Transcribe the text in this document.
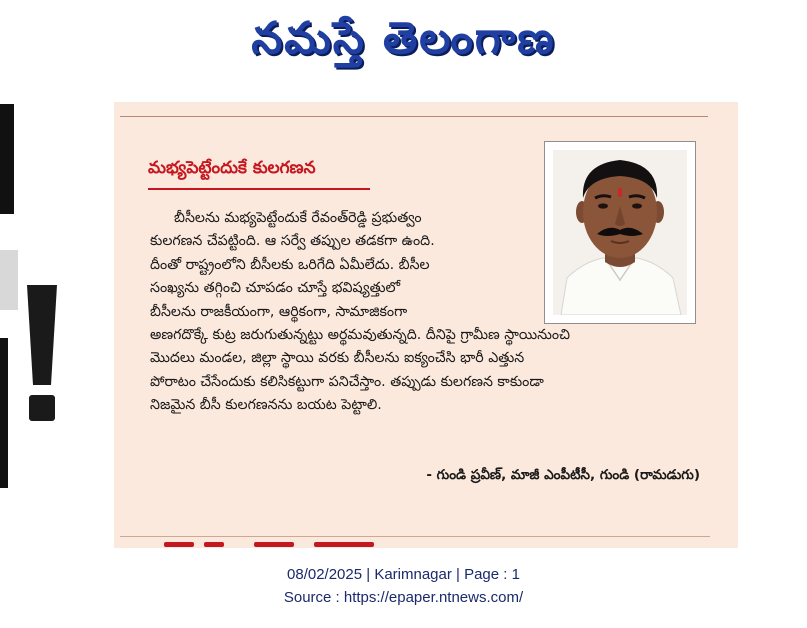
నమస్తే తెలంగాణ
మభ్యపెట్టేందుకే కులగణన
బీసీలను మభ్యపెట్టేందుకే రేవంత్‌రెడ్డి ప్రభుత్వం
కులగణన చేపట్టింది. ఆ సర్వే తప్పుల తడకగా ఉంది.
దీంతో రాష్ట్రంలోని బీసీలకు ఒరిగేది ఏమీలేదు. బీసీల
సంఖ్యను తగ్గించి చూపడం చూస్తే భవిష్యత్తులో
బీసీలను రాజకీయంగా, ఆర్థికంగా, సామాజికంగా
అణగదొక్కే కుట్ర జరుగుతున్నట్టు అర్థమవుతున్నది. దీనిపై గ్రామీణ స్థాయినుంచి
మొదలు మండల, జిల్లా స్థాయి వరకు బీసీలను ఐక్యంచేసి భారీ ఎత్తున
పోరాటం చేసేందుకు కలిసికట్టుగా పనిచేస్తాం. తప్పుడు కులగణన కాకుండా
నిజమైన బీసీ కులగణనను బయట పెట్టాలి.
- గుండి ప్రవీణ్, మాజీ ఎంపీటీసీ, గుండి (రామడుగు)
08/02/2025 | Karimnagar | Page : 1
Source : https://epaper.ntnews.com/
